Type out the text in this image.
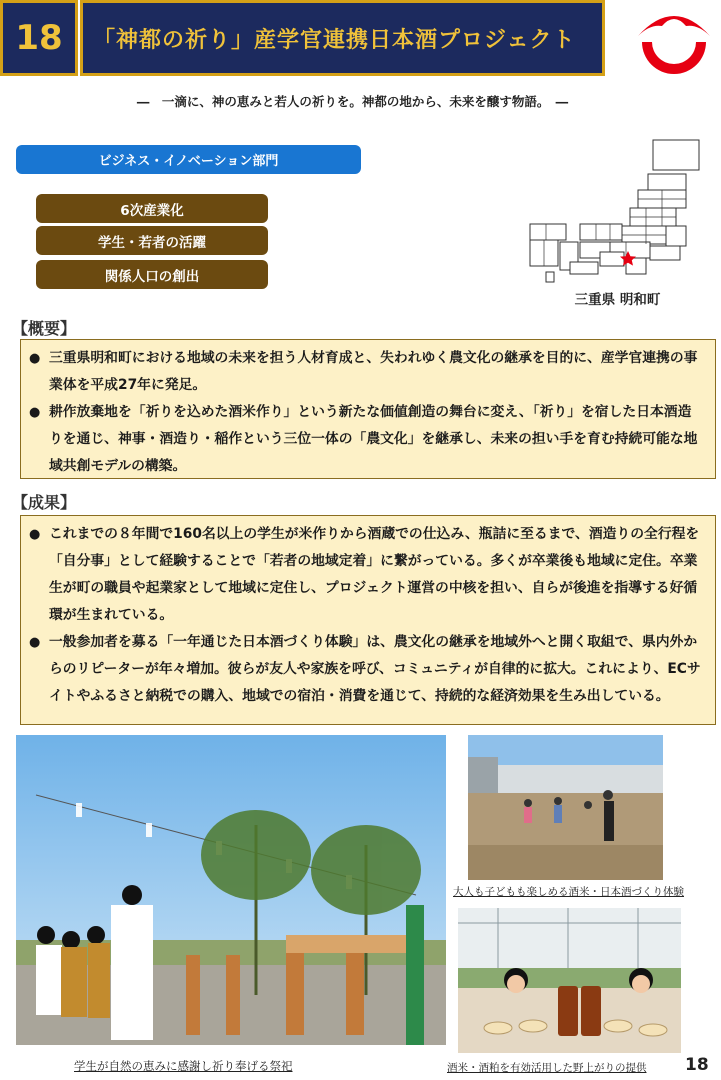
18	「神都の祈り」産学官連携日本酒プロジェクト
―　一滴に、神の恵みと若人の祈りを。神都の地から、未来を醸す物語。　―
ビジネス・イノベーション部門
6次産業化
学生・若者の活躍
関係人口の創出
三重県 明和町
【概要】
● 三重県明和町における地域の未来を担う人材育成と、失われゆく農文化の継承を目的に、産学官連携の事業体を平成27年に発足。
● 耕作放棄地を「祈りを込めた酒米作り」という新たな価値創造の舞台に変え、「祈り」を宿した日本酒造りを通じ、神事・酒造り・稲作という三位一体の「農文化」を継承し、未来の担い手を育む持続可能な地域共創モデルの構築。
【成果】
● これまでの８年間で160名以上の学生が米作りから酒蔵での仕込み、瓶詰に至るまで、酒造りの全行程を「自分事」として経験することで「若者の地域定着」に繋がっている。多くが卒業後も地域に定住。卒業生が町の職員や起業家として地域に定住し、プロジェクト運営の中核を担い、自らが後進を指導する好循環が生まれている。
● 一般参加者を募る「一年通じた日本酒づくり体験」は、農文化の継承を地域外へと開く取組で、県内外からのリピーターが年々増加。彼らが友人や家族を呼び、コミュニティが自律的に拡大。これにより、ECサイトやふるさと納税での購入、地域での宿泊・消費を通じて、持続的な経済効果を生み出している。
学生が自然の恵みに感謝し祈り奉げる祭祀
大人も子どもも楽しめる酒米・日本酒づくり体験
酒米・酒粕を有効活用した野上がりの提供 18
